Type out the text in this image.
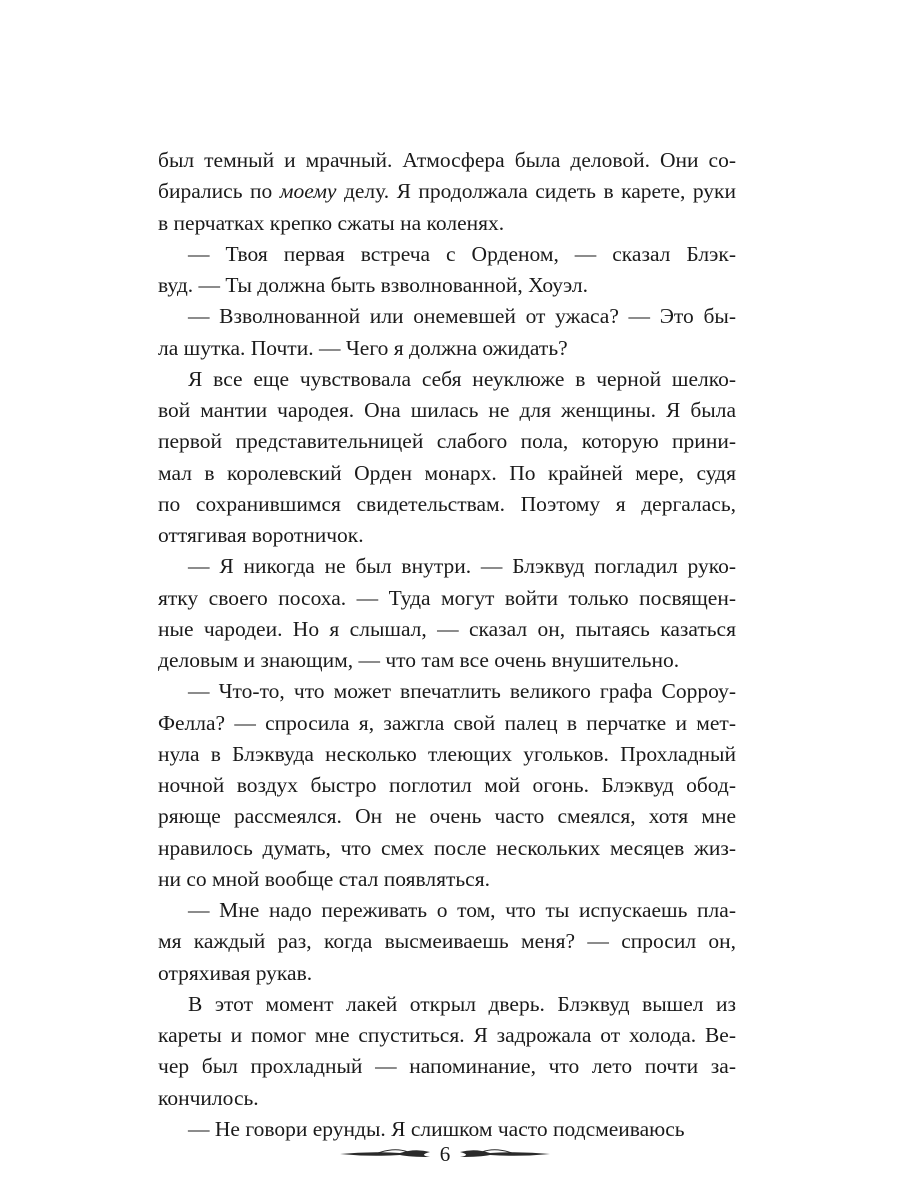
был темный и мрачный. Атмосфера была деловой. Они со-
бирались по моему делу. Я продолжала сидеть в карете, руки
в перчатках крепко сжаты на коленях.
— Твоя первая встреча с Орденом, — сказал Блэк-
вуд. — Ты должна быть взволнованной, Хоуэл.
— Взволнованной или онемевшей от ужаса? — Это бы-
ла шутка. Почти. — Чего я должна ожидать?
Я все еще чувствовала себя неуклюже в черной шелко-
вой мантии чародея. Она шилась не для женщины. Я была
первой представительницей слабого пола, которую прини-
мал в королевский Орден монарх. По крайней мере, судя
по сохранившимся свидетельствам. Поэтому я дергалась,
оттягивая воротничок.
— Я никогда не был внутри. — Блэквуд погладил руко-
ятку своего посоха. — Туда могут войти только посвящен-
ные чародеи. Но я слышал, — сказал он, пытаясь казаться
деловым и знающим, — что там все очень внушительно.
— Что-то, что может впечатлить великого графа Сорроу-
Фелла? — спросила я, зажгла свой палец в перчатке и мет-
нула в Блэквуда несколько тлеющих угольков. Прохладный
ночной воздух быстро поглотил мой огонь. Блэквуд обод-
ряюще рассмеялся. Он не очень часто смеялся, хотя мне
нравилось думать, что смех после нескольких месяцев жиз-
ни со мной вообще стал появляться.
— Мне надо переживать о том, что ты испускаешь пла-
мя каждый раз, когда высмеиваешь меня? — спросил он,
отряхивая рукав.
В этот момент лакей открыл дверь. Блэквуд вышел из
кареты и помог мне спуститься. Я задрожала от холода. Ве-
чер был прохладный — напоминание, что лето почти за-
кончилось.
— Не говори ерунды. Я слишком часто подсмеиваюсь
6
